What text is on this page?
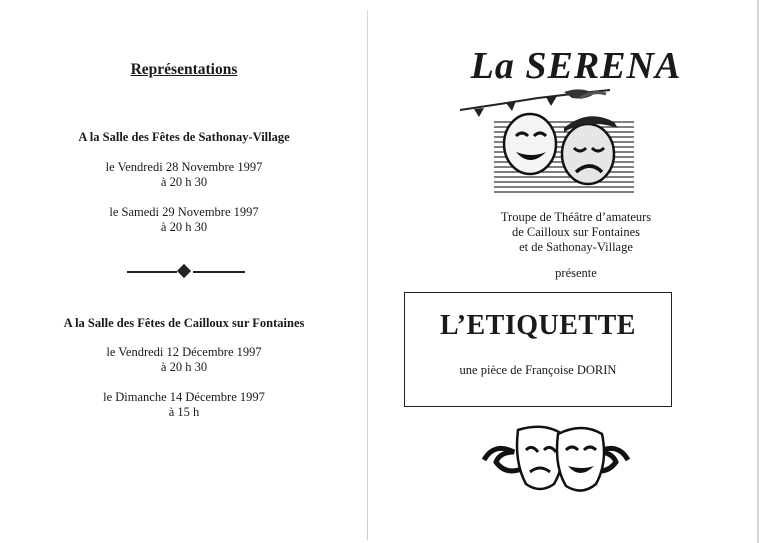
Représentations
A la Salle des Fêtes de Sathonay-Village
le Vendredi 28 Novembre 1997
à 20 h 30
le Samedi 29 Novembre 1997
à 20 h 30
A la Salle des Fêtes de Cailloux sur Fontaines
le Vendredi 12 Décembre 1997
à 20 h 30
le Dimanche 14 Décembre 1997
à 15 h
La SERENA
Troupe de Théâtre d’amateurs
de Cailloux sur Fontaines
et de Sathonay-Village
présente
L’ETIQUETTE
une pièce de Françoise DORIN
